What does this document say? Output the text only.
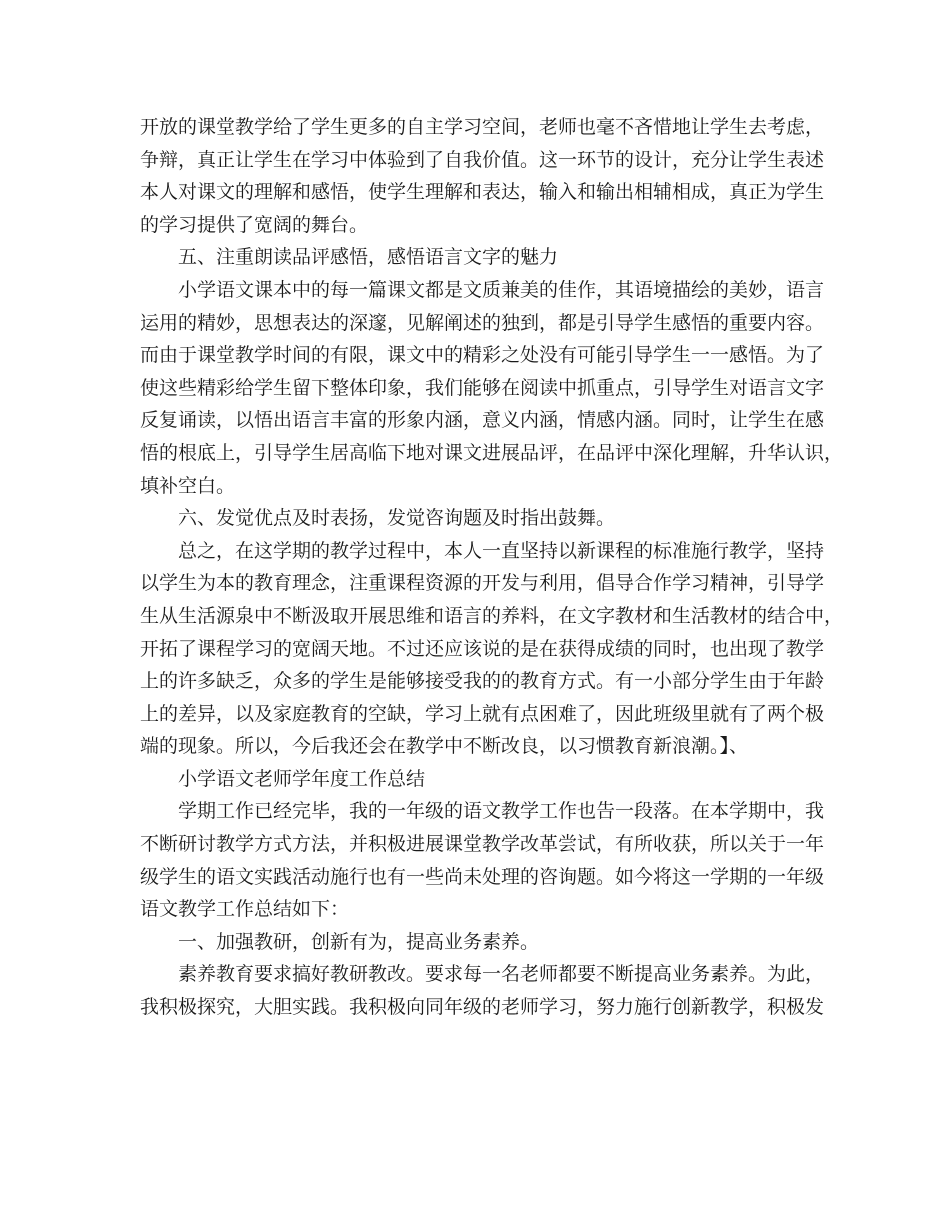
开放的课堂教学给了学生更多的自主学习空间，老师也毫不吝惜地让学生去考虑，
争辩，真正让学生在学习中体验到了自我价值。这一环节的设计，充分让学生表述
本人对课文的理解和感悟，使学生理解和表达，输入和输出相辅相成，真正为学生
的学习提供了宽阔的舞台。
五、注重朗读品评感悟，感悟语言文字的魅力
小学语文课本中的每一篇课文都是文质兼美的佳作，其语境描绘的美妙，语言
运用的精妙，思想表达的深邃，见解阐述的独到，都是引导学生感悟的重要内容。
而由于课堂教学时间的有限，课文中的精彩之处没有可能引导学生一一感悟。为了
使这些精彩给学生留下整体印象，我们能够在阅读中抓重点，引导学生对语言文字
反复诵读，以悟出语言丰富的形象内涵，意义内涵，情感内涵。同时，让学生在感
悟的根底上，引导学生居高临下地对课文进展品评，在品评中深化理解，升华认识，
填补空白。
六、发觉优点及时表扬，发觉咨询题及时指出鼓舞。
总之，在这学期的教学过程中，本人一直坚持以新课程的标准施行教学，坚持
以学生为本的教育理念，注重课程资源的开发与利用，倡导合作学习精神，引导学
生从生活源泉中不断汲取开展思维和语言的养料，在文字教材和生活教材的结合中，
开拓了课程学习的宽阔天地。不过还应该说的是在获得成绩的同时，也出现了教学
上的许多缺乏，众多的学生是能够接受我的的教育方式。有一小部分学生由于年龄
上的差异，以及家庭教育的空缺，学习上就有点困难了，因此班级里就有了两个极
端的现象。所以，今后我还会在教学中不断改良，以习惯教育新浪潮。】、
小学语文老师学年度工作总结
学期工作已经完毕，我的一年级的语文教学工作也告一段落。在本学期中，我
不断研讨教学方式方法，并积极进展课堂教学改革尝试，有所收获，所以关于一年
级学生的语文实践活动施行也有一些尚未处理的咨询题。如今将这一学期的一年级
语文教学工作总结如下：
一、加强教研，创新有为，提高业务素养。
素养教育要求搞好教研教改。要求每一名老师都要不断提高业务素养。为此，
我积极探究，大胆实践。我积极向同年级的老师学习，努力施行创新教学，积极发
